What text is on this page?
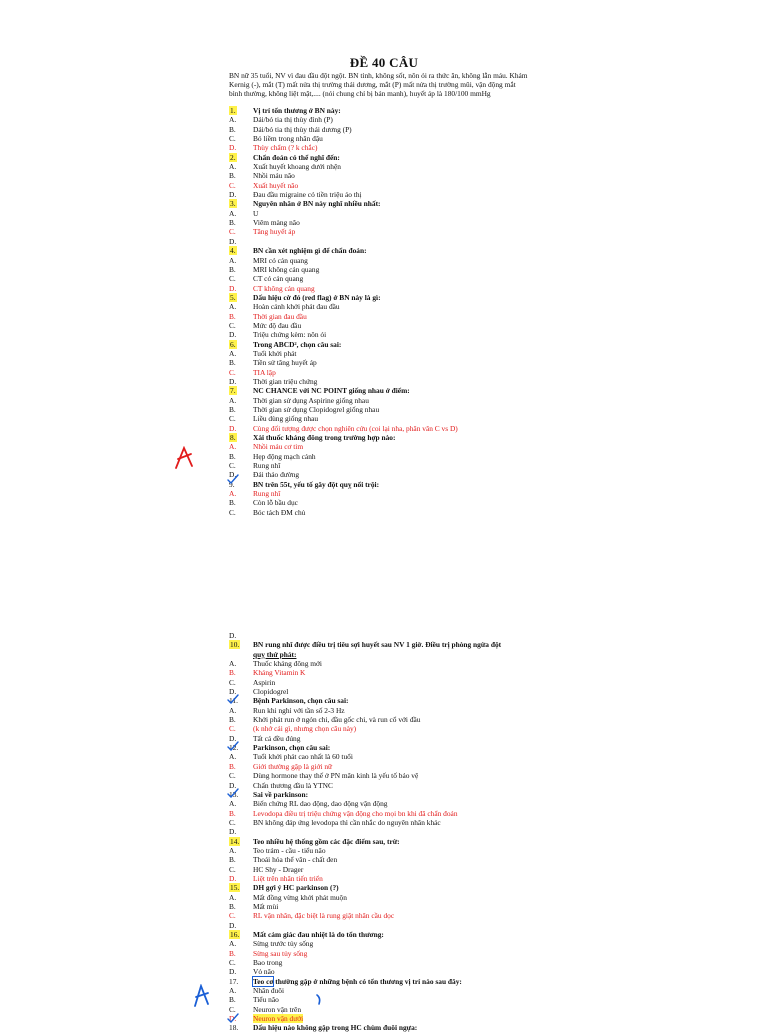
ĐỀ 40 CÂU
BN nữ 35 tuổi, NV vì đau đầu đột ngột. BN tỉnh, không sốt, nôn ói ra thức ăn, không lẫn máu. Khám Kernig (-), mắt (T) mất nửa thị trường thái dương, mắt (P) mất nửa thị trường mũi, vận động mắt bình thường, không liệt mặt,.... (nói chung chỉ bị bán manh), huyết áp là 180/100 mmHg
1.	Vị trí tổn thương ở BN này:
A.	Dải/bó tia thị thùy đỉnh (P)
B.	Dải/bó tia thị thùy thái dương (P)
C.	Bó liềm trong nhân đậu
D.	Thùy chẩm (? k chắc)
2.	Chẩn đoán có thể nghĩ đến:
A.	Xuất huyết khoang dưới nhện
B.	Nhồi máu não
C.	Xuất huyết não
D.	Đau đầu migraine có tiền triệu áo thị
3.	Nguyên nhân ở BN này nghĩ nhiều nhất:
A.	U
B.	Viêm màng não
C.	Tăng huyết áp
D.
4.	BN cần xét nghiệm gì để chẩn đoán:
A.	MRI có cản quang
B.	MRI không cản quang
C.	CT có cản quang
D.	CT không cản quang
5.	Dấu hiệu cờ đỏ (red flag) ở BN này là gì:
A.	Hoàn cảnh khởi phát đau đầu
B.	Thời gian đau đầu
C.	Mức độ đau đầu
D.	Triệu chứng kèm: nôn ói
6.	Trong ABCD², chọn câu sai:
A.	Tuổi khởi phát
B.	Tiền sử tăng huyết áp
C.	TIA lặp
D.	Thời gian triệu chứng
7.	NC CHANCE với NC POINT giống nhau ở điểm:
A.	Thời gian sử dụng Aspirine giống nhau
B.	Thời gian sử dụng Clopidogrel giống nhau
C.	Liều dùng giống nhau
D.	Cùng đối tượng được chọn nghiên cứu (coi lại nha, phân vân C vs D)
8.	Xài thuốc kháng đông trong trường hợp nào:
A.	Nhồi máu cơ tim
B.	Hẹp động mạch cảnh
C.	Rung nhĩ
D.	Đái tháo đường
9.	BN trên 55t, yếu tố gây đột quỵ nổi trội:
A.	Rung nhĩ
B.	Còn lỗ bầu dục
C.	Bóc tách ĐM chủ
D.
10.	BN rung nhĩ được điều trị tiêu sợi huyết sau NV 1 giờ. Điều trị phòng ngừa đột
quỵ thứ phát:
A.	Thuốc kháng đông mới
B.	Kháng Vitamin K
C.	Aspirin
D.	Clopidogrel
11.	Bệnh Parkinson, chọn câu sai:
A.	Run khi nghỉ với tần số 2-3 Hz
B.	Khởi phát run ở ngón chi, đầu gốc chi, và run cổ với đầu
C.	(k nhớ cái gì, nhưng chọn câu này)
D.	Tất cả đều đúng
12.	Parkinson, chọn câu sai:
A.	Tuổi khởi phát cao nhất là 60 tuổi
B.	Giới thường gặp là giới nữ
C.	Dùng hormone thay thế ở PN mãn kinh là yếu tố bảo vệ
D.	Chấn thương đầu là YTNC
13.	Sai về parkinson:
A.	Biến chứng RL dao động, dao động vận động
B.	Levodopa điều trị triệu chứng vận động cho mọi bn khi đã chẩn đoán
C.	BN không đáp ứng levodopa thì cần nhắc do nguyên nhân khác
D.
14.	Teo nhiều hệ thống gồm các đặc điểm sau, trừ:
A.	Teo trám - cầu - tiểu não
B.	Thoái hóa thể vân - chất đen
C.	HC Shy - Drager
D.	Liệt trên nhân tiến triển
15.	DH gợi ý HC parkinson (?)
A.	Mất đồng vừng khởi phát muộn
B.	Mất mùi
C.	RL vận nhãn, đặc biệt là rung giật nhãn cầu dọc
D.
16.	Mất cảm giác đau nhiệt là do tổn thương:
A.	Sừng trước tủy sống
B.	Sừng sau tủy sống
C.	Bao trong
D.	Vỏ não
17.	Teo cơ thường gặp ở những bệnh có tổn thương vị trí nào sau đây:
A.	Nhân đuôi
B.	Tiểu não
C.	Neuron vận trên
D.	Neuron vận dưới
18.	Dấu hiệu nào không gặp trong HC chùm đuôi ngựa:
